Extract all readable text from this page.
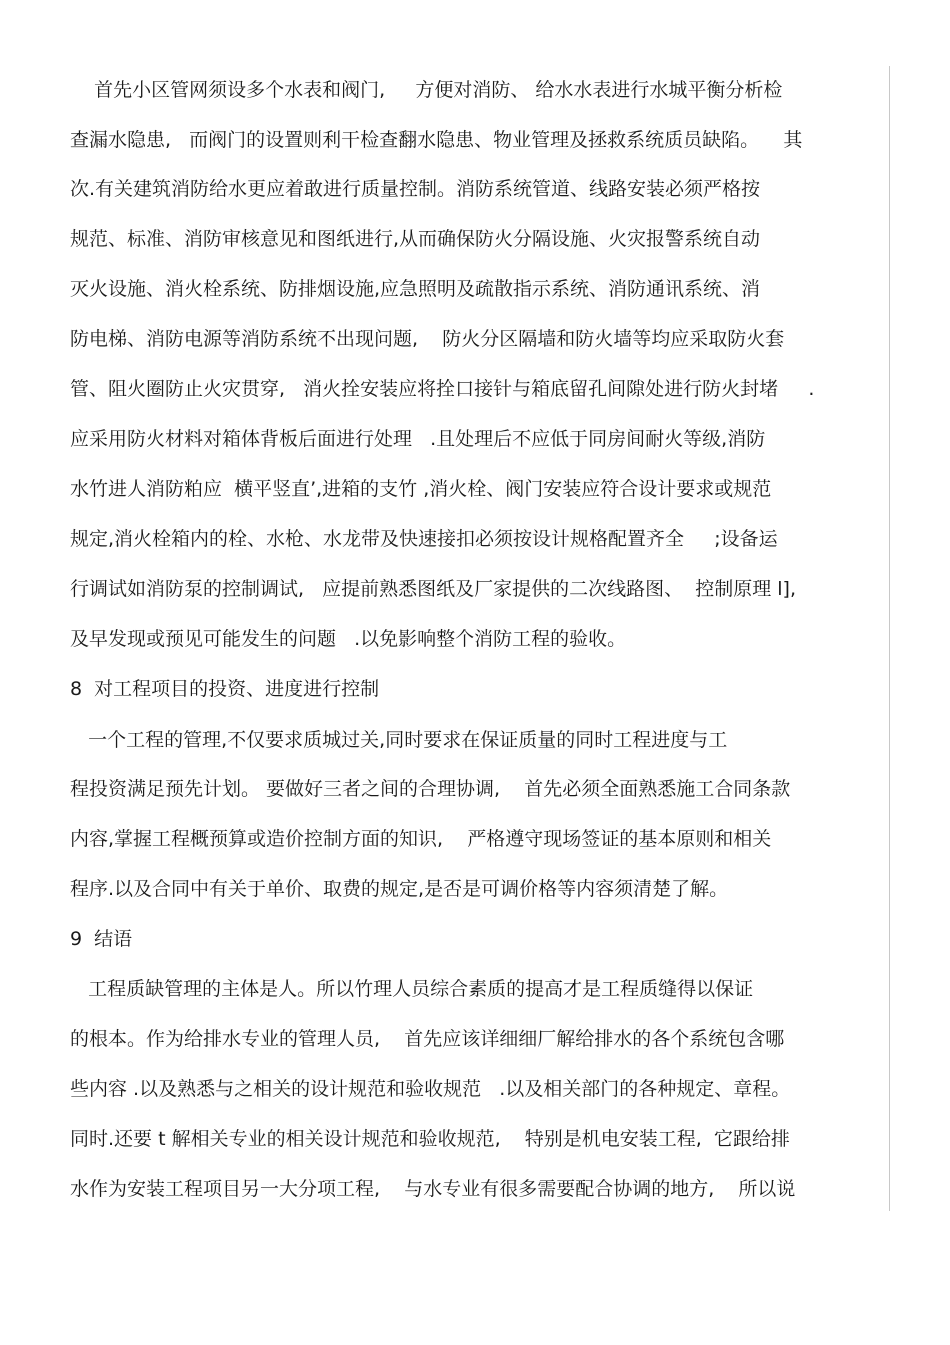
首先小区管网须设多个水表和阀门,     方便对消防、 给水水表进行水城平衡分析检
查漏水隐患,   而阀门的设置则利干检查翻水隐患、物业管理及拯救系统质员缺陷。    其
次.有关建筑消防给水更应着敢进行质量控制。消防系统管道、线路安装必须严格按
规范、标准、消防审核意见和图纸进行,从而确保防火分隔设施、火灾报警系统自动
灭火设施、消火栓系统、防排烟设施,应急照明及疏散指示系统、消防通讯系统、消
防电梯、消防电源等消防系统不出现问题,    防火分区隔墙和防火墙等均应采取防火套
管、阻火圈防止火灾贯穿,   消火拴安装应将拴口接针与箱底留孔间隙处进行防火封堵     .
应采用防火材料对箱体背板后面进行处理   .且处理后不应低于同房间耐火等级,消防
水竹进人消防粕应  横平竖直’,进箱的支竹 ,消火栓、阀门安装应符合设计要求或规范
规定,消火栓箱内的栓、水枪、水龙带及快速接扣必须按设计规格配置齐全     ;设备运
行调试如消防泵的控制调试,   应提前熟悉图纸及厂家提供的二次线路图、  控制原理 l],
及早发现或预见可能发生的问题   .以免影响整个消防工程的验收。
8  对工程项目的投资、进度进行控制
一个工程的管理,不仅要求质城过关,同时要求在保证质量的同时工程进度与工
程投资满足预先计划。 要做好三者之间的合理协调,    首先必须全面熟悉施工合同条款
内容,掌握工程概预算或造价控制方面的知识,    严格遵守现场签证的基本原则和相关
程序.以及合同中有关于单价、取费的规定,是否是可调价格等内容须清楚了解。
9  结语
工程质缺管理的主体是人。所以竹理人员综合素质的提高才是工程质缝得以保证
的根本。作为给排水专业的管理人员,    首先应该详细细厂解给排水的各个系统包含哪
些内容 .以及熟悉与之相关的设计规范和验收规范   .以及相关部门的各种规定、章程。
同时.还要 t 解相关专业的相关设计规范和验收规范,    特别是机电安装工程,  它跟给排
水作为安装工程项目另一大分项工程,    与水专业有很多需要配合协调的地方,    所以说
